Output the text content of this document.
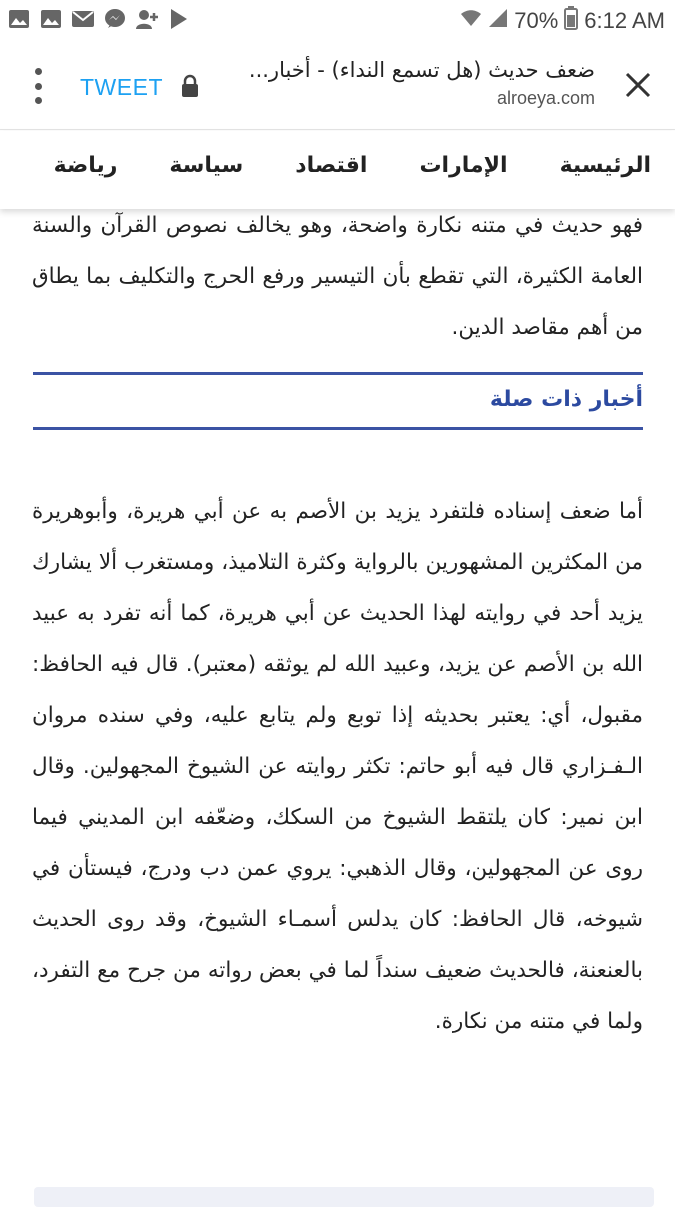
70% 6:12 AM
TWEET
ضعف حديث (هل تسمع النداء) - أخبار...
alroeya.com
الرئيسية
الإمارات
اقتصاد
سياسة
رياضة

فهو حديث في متنه نكارة واضحة، وهو يخالف نصوص القرآن والسنة العامة الكثيرة، التي تقطع بأن التيسير ورفع الحرج والتكليف بما يطاق من أهم مقاصد الدين.

أخبار ذات صلة

أما ضعف إسناده فلتفرد يزيد بن الأصم به عن أبي هريرة، وأبوهريرة من المكثرين المشهورين بالرواية وكثرة التلاميذ، ومستغرب ألا يشارك يزيد أحد في روايته لهذا الحديث عن أبي هريرة، كما أنه تفرد به عبيد الله بن الأصم عن يزيد، وعبيد الله لم يوثقه (معتبر). قال فيه الحافظ: مقبول، أي: يعتبر بحديثه إذا توبع ولم يتابع عليه، وفي سنده مروان الـفـزاري قال فيه أبو حاتم: تكثر روايته عن الشيوخ المجهولين. وقال ابن نمير: كان يلتقط الشيوخ من السكك، وضعّفه ابن المديني فيما روى عن المجهولين، وقال الذهبي: يروي عمن دب ودرج، فيستأن في شيوخه، قال الحافظ: كان يدلس أسمـاء الشيوخ، وقد روى الحديث بالعنعنة، فالحديث ضعيف سنداً لما في بعض رواته من جرح مع التفرد، ولما في متنه من نكارة.
